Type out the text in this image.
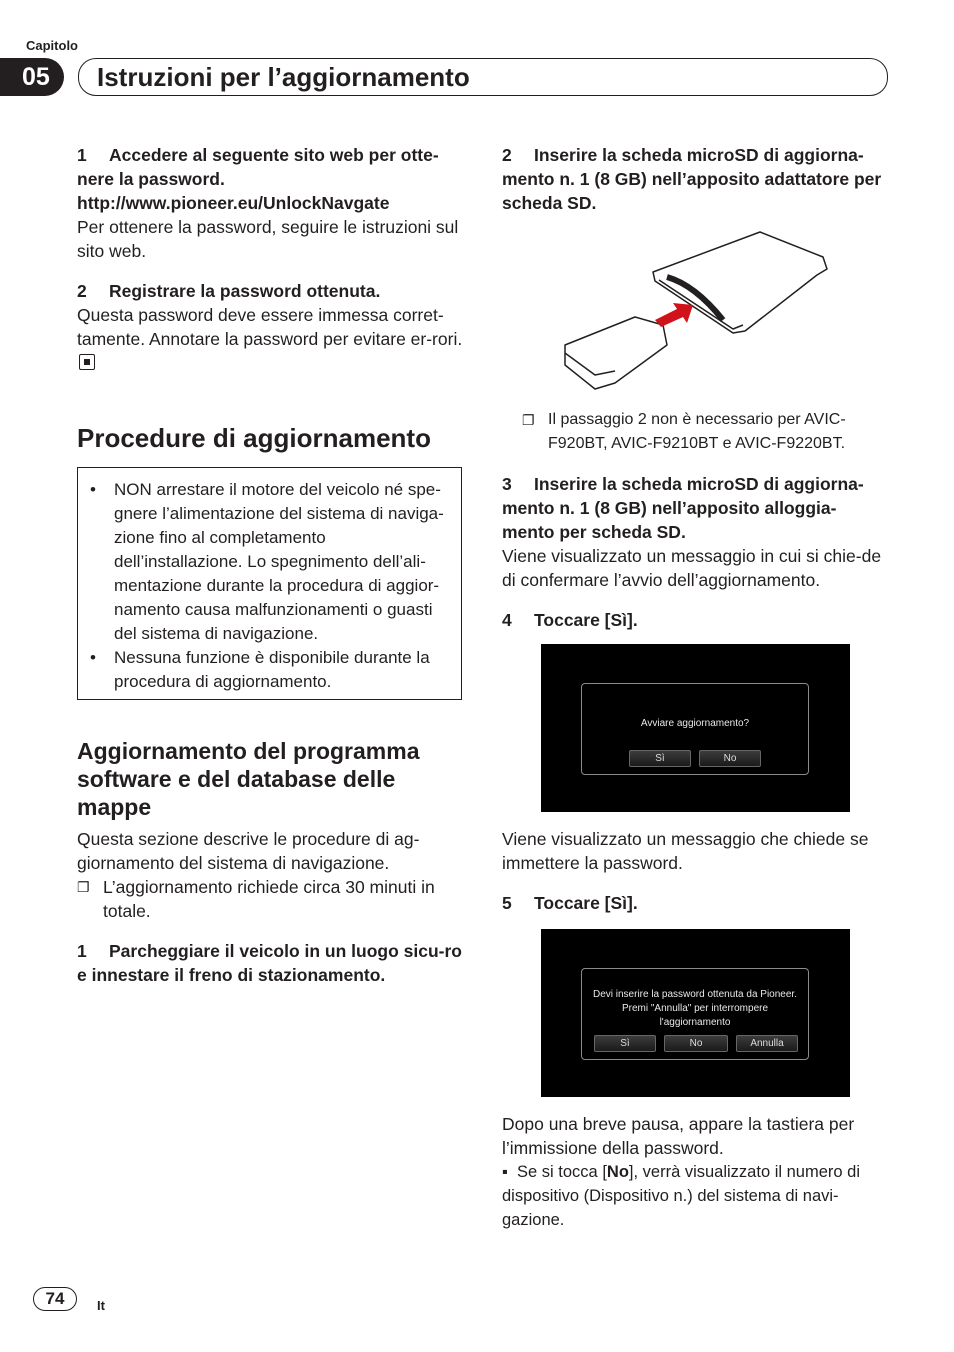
Capitolo
05	Istruzioni per l’aggiornamento

1 Accedere al seguente sito web per otte-nere la password.

http://www.pioneer.eu/UnlockNavgate

Per ottenere la password, seguire le istruzioni sul sito web.

2 Registrare la password ottenuta.

Questa password deve essere immessa corret-tamente. Annotare la password per evitare er-rori.

Procedure di aggiornamento
• NON arrestare il motore del veicolo né spe-gnere l’alimentazione del sistema di naviga-zione fino al completamento dell’installazione. Lo spegnimento dell’ali-mentazione durante la procedura di aggior-namento causa malfunzionamenti o guasti del sistema di navigazione.
• Nessuna funzione è disponibile durante la procedura di aggiornamento.
Aggiornamento del programma software e del database delle mappe

Questa sezione descrive le procedure di ag-giornamento del sistema di navigazione.

❐ L’aggiornamento richiede circa 30 minuti in totale.

1 Parcheggiare il veicolo in un luogo sicu-ro e innestare il freno di stazionamento.

2 Inserire la scheda microSD di aggiorna-mento n. 1 (8 GB) nell’apposito adattatore per scheda SD.

❐ Il passaggio 2 non è necessario per AVIC-F920BT, AVIC-F9210BT e AVIC-F9220BT.

3 Inserire la scheda microSD di aggiorna-mento n. 1 (8 GB) nell’apposito alloggia-mento per scheda SD.

Viene visualizzato un messaggio in cui si chie-de di confermare l’avvio dell’aggiornamento.

4 Toccare [Sì].

Avviare aggiornamento?
Sì	No

Viene visualizzato un messaggio che chiede se immettere la password.

5 Toccare [Sì].

Devi inserire la password ottenuta da Pioneer.
Premi "Annulla" per interrompere
l'aggiornamento
Sì	No	Annulla

Dopo una breve pausa, appare la tastiera per l’immissione della password.

▪ Se si tocca [No], verrà visualizzato il numero di dispositivo (Dispositivo n.) del sistema di navi-gazione.

74	It
